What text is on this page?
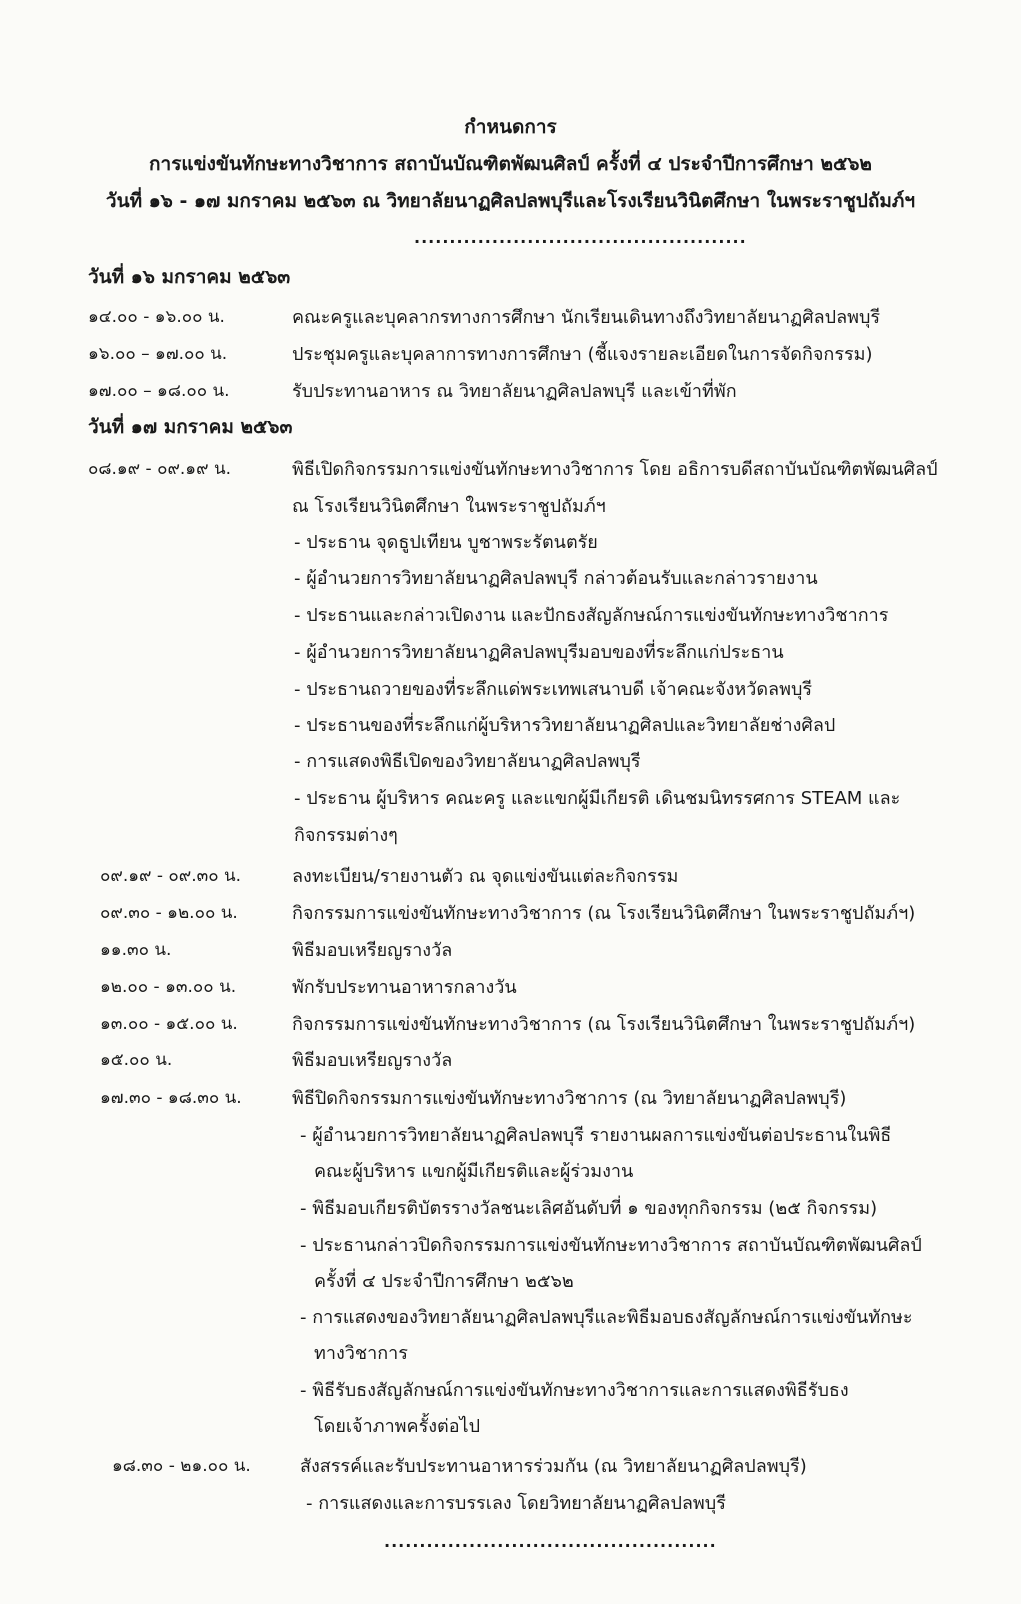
กำหนดการ
การแข่งขันทักษะทางวิชาการ สถาบันบัณฑิตพัฒนศิลป์ ครั้งที่ ๔ ประจำปีการศึกษา ๒๕๖๒
วันที่ ๑๖ - ๑๗ มกราคม ๒๕๖๓ ณ วิทยาลัยนาฏศิลปลพบุรีและโรงเรียนวินิตศึกษา ในพระราชูปถัมภ์ฯ
...............................................
วันที่ ๑๖ มกราคม ๒๕๖๓
๑๔.๐๐ - ๑๖.๐๐ น.	คณะครูและบุคลากรทางการศึกษา นักเรียนเดินทางถึงวิทยาลัยนาฏศิลปลพบุรี
๑๖.๐๐ – ๑๗.๐๐ น.	ประชุมครูและบุคลาการทางการศึกษา (ชี้แจงรายละเอียดในการจัดกิจกรรม)
๑๗.๐๐ – ๑๘.๐๐ น.	รับประทานอาหาร ณ วิทยาลัยนาฏศิลปลพบุรี และเข้าที่พัก
วันที่ ๑๗ มกราคม ๒๕๖๓
๐๘.๑๙ - ๐๙.๑๙ น.	พิธีเปิดกิจกรรมการแข่งขันทักษะทางวิชาการ โดย อธิการบดีสถาบันบัณฑิตพัฒนศิลป์
ณ โรงเรียนวินิตศึกษา ในพระราชูปถัมภ์ฯ
- ประธาน จุดธูปเทียน บูชาพระรัตนตรัย
- ผู้อำนวยการวิทยาลัยนาฏศิลปลพบุรี กล่าวต้อนรับและกล่าวรายงาน
- ประธานและกล่าวเปิดงาน และปักธงสัญลักษณ์การแข่งขันทักษะทางวิชาการ
- ผู้อำนวยการวิทยาลัยนาฏศิลปลพบุรีมอบของที่ระลึกแก่ประธาน
- ประธานถวายของที่ระลึกแด่พระเทพเสนาบดี เจ้าคณะจังหวัดลพบุรี
- ประธานของที่ระลึกแก่ผู้บริหารวิทยาลัยนาฏศิลปและวิทยาลัยช่างศิลป
- การแสดงพิธีเปิดของวิทยาลัยนาฏศิลปลพบุรี
- ประธาน ผู้บริหาร คณะครู และแขกผู้มีเกียรติ เดินชมนิทรรศการ STEAM และ
กิจกรรมต่างๆ
๐๙.๑๙ - ๐๙.๓๐ น.	ลงทะเบียน/รายงานตัว ณ จุดแข่งขันแต่ละกิจกรรม
๐๙.๓๐ - ๑๒.๐๐ น.	กิจกรรมการแข่งขันทักษะทางวิชาการ (ณ โรงเรียนวินิตศึกษา ในพระราชูปถัมภ์ฯ)
๑๑.๓๐ น.	พิธีมอบเหรียญรางวัล
๑๒.๐๐ - ๑๓.๐๐ น.	พักรับประทานอาหารกลางวัน
๑๓.๐๐ - ๑๕.๐๐ น.	กิจกรรมการแข่งขันทักษะทางวิชาการ (ณ โรงเรียนวินิตศึกษา ในพระราชูปถัมภ์ฯ)
๑๕.๐๐ น.	พิธีมอบเหรียญรางวัล
๑๗.๓๐ - ๑๘.๓๐ น.	พิธีปิดกิจกรรมการแข่งขันทักษะทางวิชาการ (ณ วิทยาลัยนาฏศิลปลพบุรี)
- ผู้อำนวยการวิทยาลัยนาฏศิลปลพบุรี รายงานผลการแข่งขันต่อประธานในพิธี
คณะผู้บริหาร แขกผู้มีเกียรติและผู้ร่วมงาน
- พิธีมอบเกียรติบัตรรางวัลชนะเลิศอันดับที่ ๑ ของทุกกิจกรรม (๒๕ กิจกรรม)
- ประธานกล่าวปิดกิจกรรมการแข่งขันทักษะทางวิชาการ สถาบันบัณฑิตพัฒนศิลป์
ครั้งที่ ๔ ประจำปีการศึกษา ๒๕๖๒
- การแสดงของวิทยาลัยนาฏศิลปลพบุรีและพิธีมอบธงสัญลักษณ์การแข่งขันทักษะ
ทางวิชาการ
- พิธีรับธงสัญลักษณ์การแข่งขันทักษะทางวิชาการและการแสดงพิธีรับธง
โดยเจ้าภาพครั้งต่อไป
๑๘.๓๐ - ๒๑.๐๐ น.	สังสรรค์และรับประทานอาหารร่วมกัน (ณ วิทยาลัยนาฏศิลปลพบุรี)
- การแสดงและการบรรเลง โดยวิทยาลัยนาฏศิลปลพบุรี
...............................................
